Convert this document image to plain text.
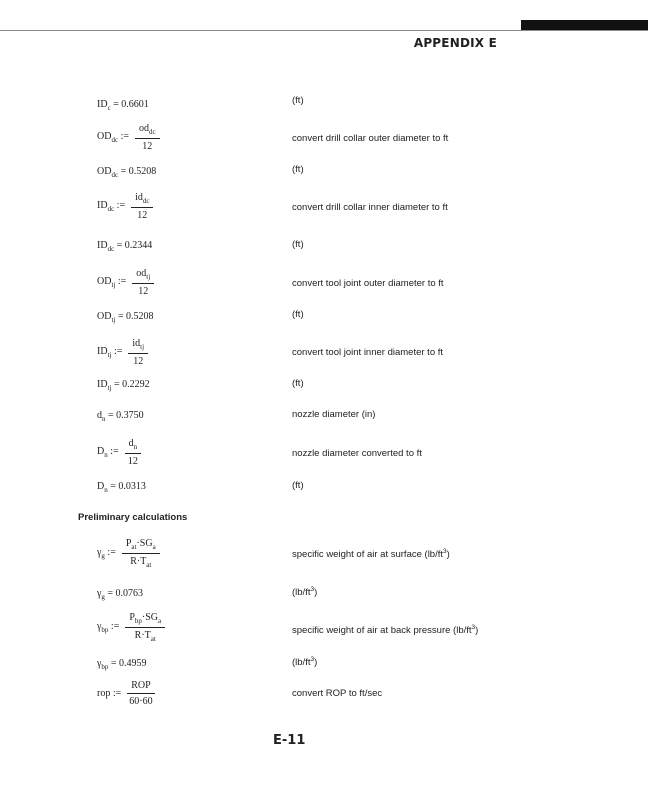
APPENDIX E
$ID_c = 0.6601$	(ft)
$OD_{dc}$ := $\frac{od_{dc}}{12}$	convert drill collar outer diameter to ft
$OD_{dc} = 0.5208$	(ft)
$ID_{dc}$ := $\frac{id_{dc}}{12}$	convert drill collar inner diameter to ft
$ID_{dc} = 0.2344$	(ft)
$OD_{tj}$ := $\frac{od_{tj}}{12}$	convert tool joint outer diameter to ft
$OD_{tj} = 0.5208$	(ft)
$ID_{tj}$ := $\frac{id_{tj}}{12}$	convert tool joint inner diameter to ft
$ID_{tj} = 0.2292$	(ft)
$d_n = 0.3750$	nozzle diameter (in)
$D_n$ := $\frac{d_n}{12}$	nozzle diameter converted to ft
$D_n = 0.0313$	(ft)
Preliminary calculations
$\gamma_g$ := $\frac{P_{at}\cdot SG_a}{R\cdot T_{at}}$	specific weight of air at surface $(lb/ft^3)$
$\gamma_g = 0.0763$	$(lb/ft^3)$
$\gamma_{bp}$ := $\frac{P_{bp}\cdot SG_a}{R\cdot T_{at}}$	specific weight of air at back pressure $(lb/ft^3)$
$\gamma_{bp} = 0.4959$	$(lb/ft^3)$
rop := $\frac{\text{ROP}}{60\cdot 60}$	convert ROP to ft/sec
E-11
